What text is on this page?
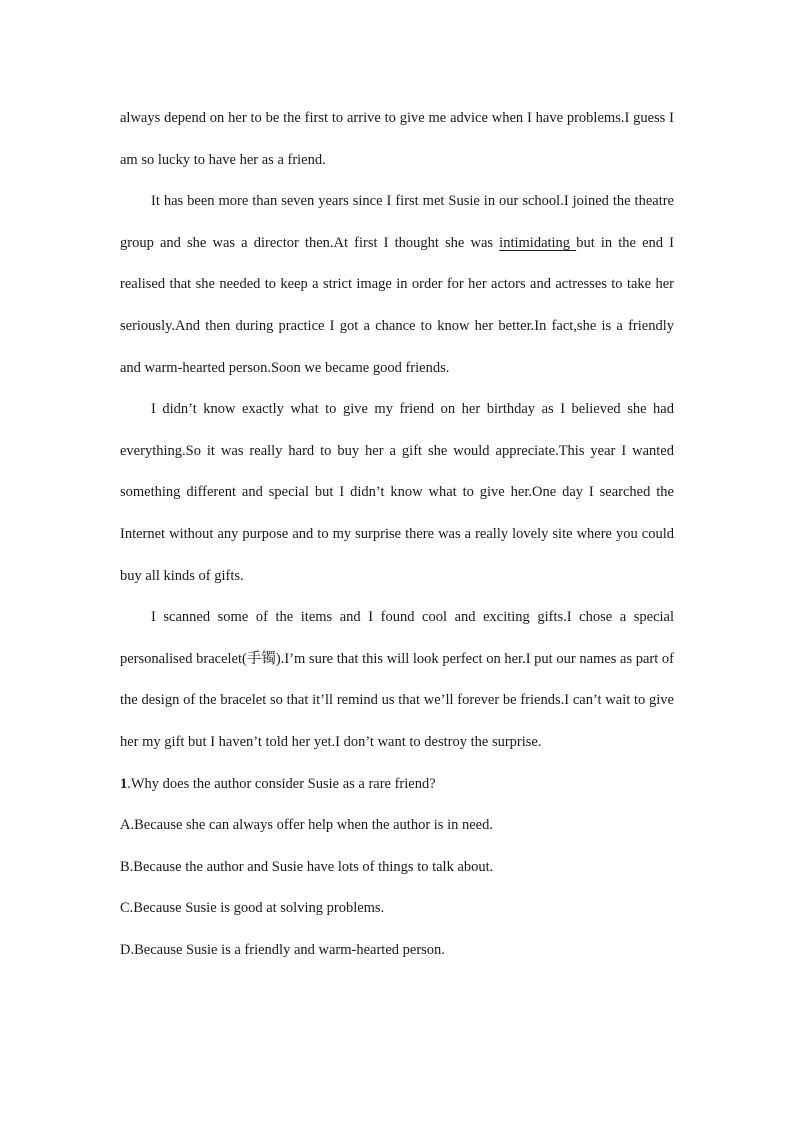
always depend on her to be the first to arrive to give me advice when I have problems.I guess I am so lucky to have her as a friend.

It has been more than seven years since I first met Susie in our school.I joined the theatre group and she was a director then.At first I thought she was intimidating but in the end I realised that she needed to keep a strict image in order for her actors and actresses to take her seriously.And then during practice I got a chance to know her better.In fact,she is a friendly and warm-hearted person.Soon we became good friends.

I didn’t know exactly what to give my friend on her birthday as I believed she had everything.So it was really hard to buy her a gift she would appreciate.This year I wanted something different and special but I didn’t know what to give her.One day I searched the Internet without any purpose and to my surprise there was a really lovely site where you could buy all kinds of gifts.

I scanned some of the items and I found cool and exciting gifts.I chose a special personalised bracelet(手镯).I’m sure that this will look perfect on her.I put our names as part of the design of the bracelet so that it’ll remind us that we’ll forever be friends.I can’t wait to give her my gift but I haven’t told her yet.I don’t want to destroy the surprise.

1.Why does the author consider Susie as a rare friend?

A.Because she can always offer help when the author is in need.

B.Because the author and Susie have lots of things to talk about.

C.Because Susie is good at solving problems.

D.Because Susie is a friendly and warm-hearted person.
